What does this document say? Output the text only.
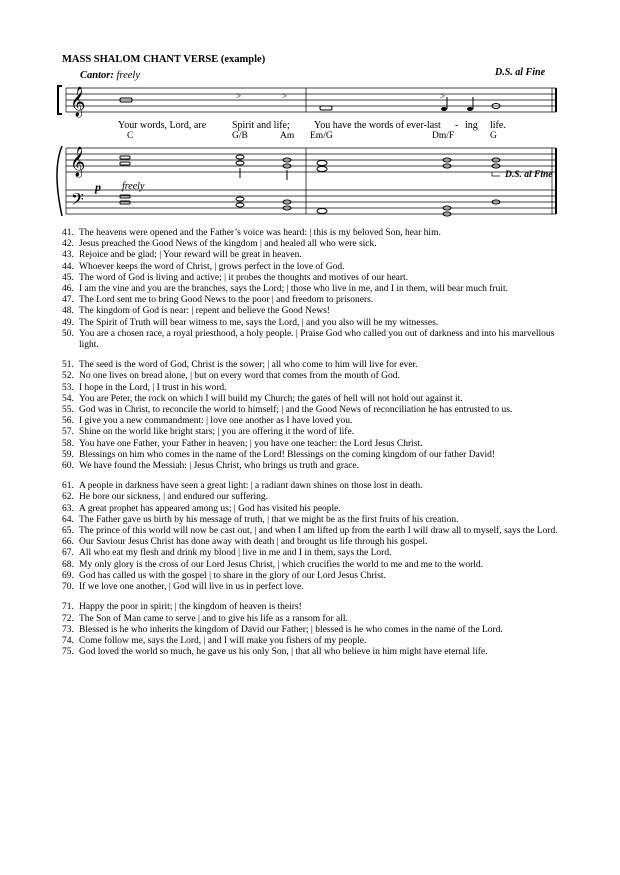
MASS SHALOM CHANT VERSE (example)
Cantor: freely	D.S. al Fine
𝄞
𝄞
𝄢
>	>	>
Your words, Lord, are	Spirit and life; You have the words of ever-last - ing life.
C	G/B	Am Em/G	Dm/F	G
p freely
D.S. al Fine
41. The heavens were opened and the Father’s voice was heard: | this is my beloved Son, hear him.
42. Jesus preached the Good News of the kingdom | and healed all who were sick.
43. Rejoice and be glad; | Your reward will be great in heaven.
44. Whoever keeps the word of Christ, | grows perfect in the love of God.
45. The word of God is living and active; | it probes the thoughts and motives of our heart.
46. I am the vine and you are the branches, says the Lord; | those who live in me, and I in them, will bear much fruit.
47. The Lord sent me to bring Good News to the poor | and freedom to prisoners.
48. The kingdom of God is near: | repent and believe the Good News!
49. The Spirit of Truth will bear witness to me, says the Lord, | and you also will be my witnesses.
50. You are a chosen race, a royal priesthood, a holy people. | Praise God who called you out of darkness and into his marvellous light.
51. The seed is the word of God, Christ is the sower; | all who come to him will live for ever.
52. No one lives on bread alone, | but on every word that comes from the mouth of God.
53. I hope in the Lord, | I trust in his word.
54. You are Peter, the rock on which I will build my Church; the gates of hell will not hold out against it.
55. God was in Christ, to reconcile the world to himself; | and the Good News of reconciliation he has entrusted to us.
56. I give you a new commandment: | love one another as I have loved you.
57. Shine on the world like bright stars; | you are offering it the word of life.
58. You have one Father, your Father in heaven; | you have one teacher: the Lord Jesus Christ.
59. Blessings on him who comes in the name of the Lord! Blessings on the coming kingdom of our father David!
60. We have found the Messiah: | Jesus Christ, who brings us truth and grace.
61. A people in darkness have seen a great light: | a radiant dawn shines on those lost in death.
62. He bore our sickness, | and endured our suffering.
63. A great prophet has appeared among us; | God has visited his people.
64. The Father gave us birth by his message of truth, | that we might be as the first fruits of his creation.
65. The prince of this world will now be cast out, | and when I am lifted up from the earth I will draw all to myself, says the Lord.
66. Our Saviour Jesus Christ has done away with death | and brought us life through his gospel.
67. All who eat my flesh and drink my blood | live in me and I in them, says the Lord.
68. My only glory is the cross of our Lord Jesus Christ, | which crucifies the world to me and me to the world.
69. God has called us with the gospel | to share in the glory of our Lord Jesus Christ.
70. If we love one another, | God will live in us in perfect love.
71. Happy the poor in spirit; | the kingdom of heaven is theirs!
72. The Son of Man came to serve | and to give his life as a ransom for all.
73. Blessed is he who inherits the kingdom of David our Father; | blessed is he who comes in the name of the Lord.
74. Come follow me, says the Lord, | and I will make you fishers of my people.
75. God loved the world so much, he gave us his only Son, | that all who believe in him might have eternal life.
